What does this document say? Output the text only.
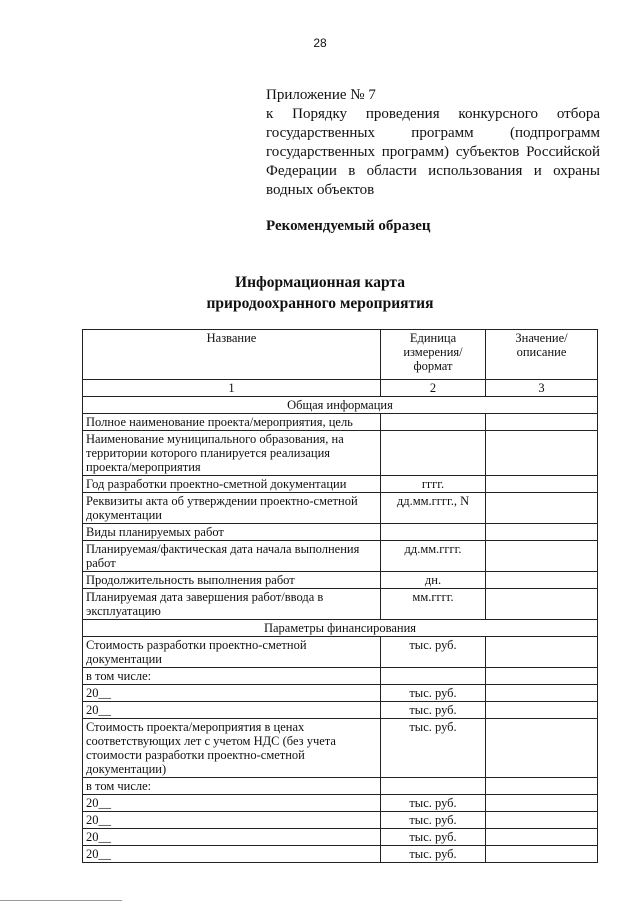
28
Приложение № 7
к Порядку проведения конкурсного отбора государственных программ (подпрограмм государственных программ) субъектов Российской Федерации в области использования и охраны водных объектов
Рекомендуемый образец
Информационная карта
природоохранного мероприятия
Название	Единица измерения/ формат	Значение/ описание
1	2	3
Общая информация		
Полное наименование проекта/мероприятия, цель		
Наименование муниципального образования, на территории которого планируется реализация проекта/мероприятия		
Год разработки проектно-сметной документации	гггг.	
Реквизиты акта об утверждении проектно-сметной документации	дд.мм.гггг., N	
Виды планируемых работ		
Планируемая/фактическая дата начала выполнения работ	дд.мм.гггг.	
Продолжительность выполнения работ	дн.	
Планируемая дата завершения работ/ввода в эксплуатацию	мм.гггг.	
Параметры финансирования		
Стоимость разработки проектно-сметной документации	тыс. руб.	
в том числе:		
20__	тыс. руб.	
20__	тыс. руб.	
Стоимость проекта/мероприятия в ценах соответствующих лет с учетом НДС (без учета стоимости разработки проектно-сметной документации)	тыс. руб.	
в том числе:		
20__	тыс. руб.	
20__	тыс. руб.	
20__	тыс. руб.	
20__	тыс. руб.	
